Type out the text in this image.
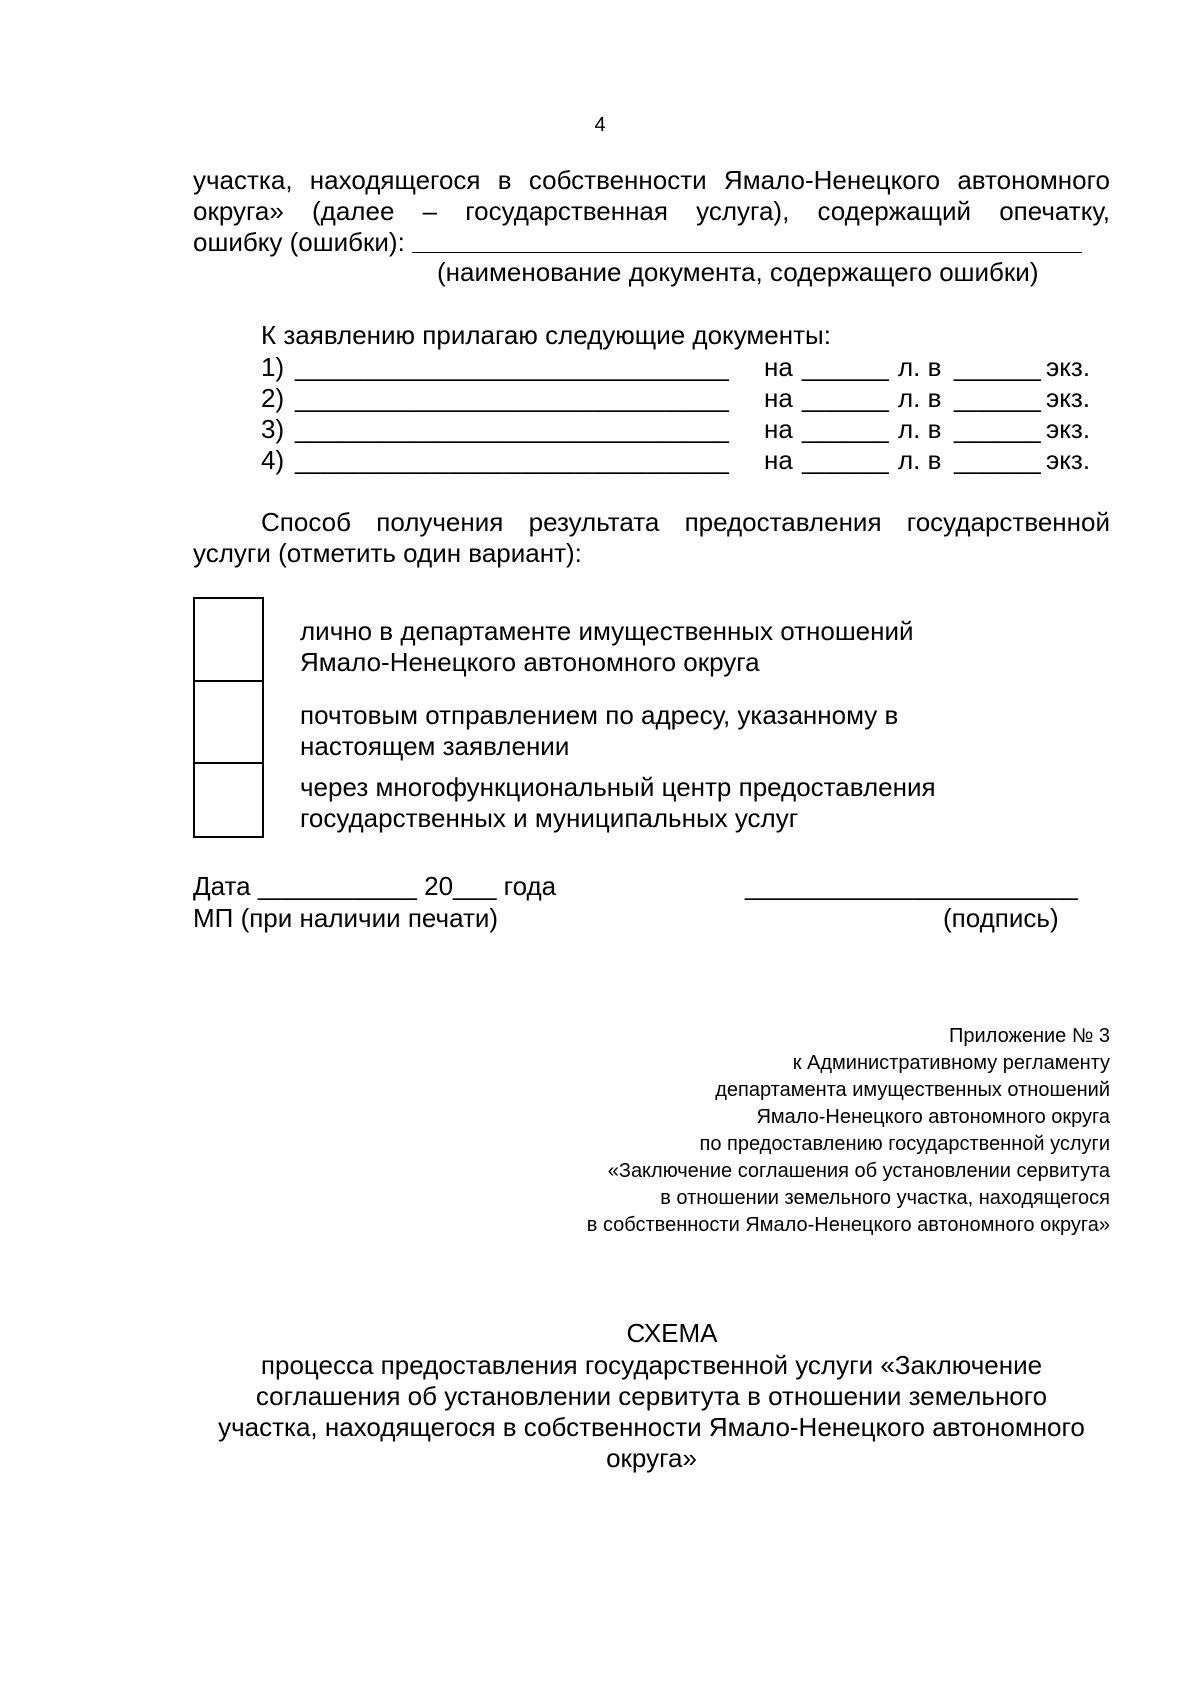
4
участка, находящегося в собственности Ямало-Ненецкого автономного
округа» (далее – государственная услуга), содержащий опечатку,
ошибку (ошибки):
(наименование документа, содержащего ошибки)
К заявлению прилагаю следующие документы:
1) ______________________________ на ______ л. в ______ экз.
2) ______________________________ на ______ л. в ______ экз.
3) ______________________________ на ______ л. в ______ экз.
4) ______________________________ на ______ л. в ______ экз.
Способ получения результата предоставления государственной
услуги (отметить один вариант):
лично в департаменте имущественных отношений
Ямало-Ненецкого автономного округа
почтовым отправлением по адресу, указанному в
настоящем заявлении
через многофункциональный центр предоставления
государственных и муниципальных услуг
Дата ___________ 20___ года	_______________________
МП (при наличии печати)	(подпись)
Приложение № 3
к Административному регламенту
департамента имущественных отношений
Ямало-Ненецкого автономного округа
по предоставлению государственной услуги
«Заключение соглашения об установлении сервитута
в отношении земельного участка, находящегося
в собственности Ямало-Ненецкого автономного округа»
СХЕМА
процесса предоставления государственной услуги «Заключение
соглашения об установлении сервитута в отношении земельного
участка, находящегося в собственности Ямало-Ненецкого автономного
округа»
